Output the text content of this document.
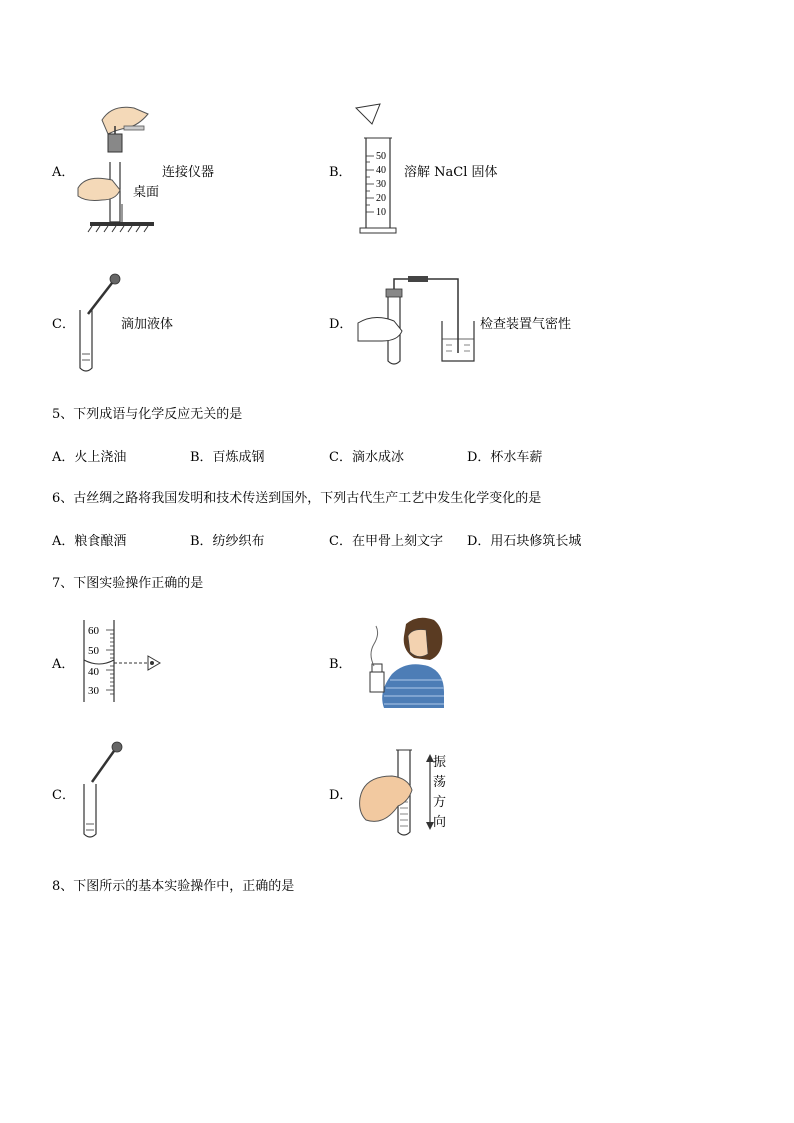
A．	连接仪器
桌面
B．
50
40
30
20
10
溶解 NaCl 固体
C．	滴加液体	D．	检查装置气密性
5、下列成语与化学反应无关的是
A．火上浇油	B．百炼成钢	C．滴水成冰	D．杯水车薪
6、古丝绸之路将我国发明和技术传送到国外，下列古代生产工艺中发生化学变化的是
A．粮食酿酒	B．纺纱织布	C．在甲骨上刻文字 D．用石块修筑长城
7、下图实验操作正确的是
A．
60
50
40
30
B．
C．	D．
振
荡
方
向
8、下图所示的基本实验操作中，正确的是
